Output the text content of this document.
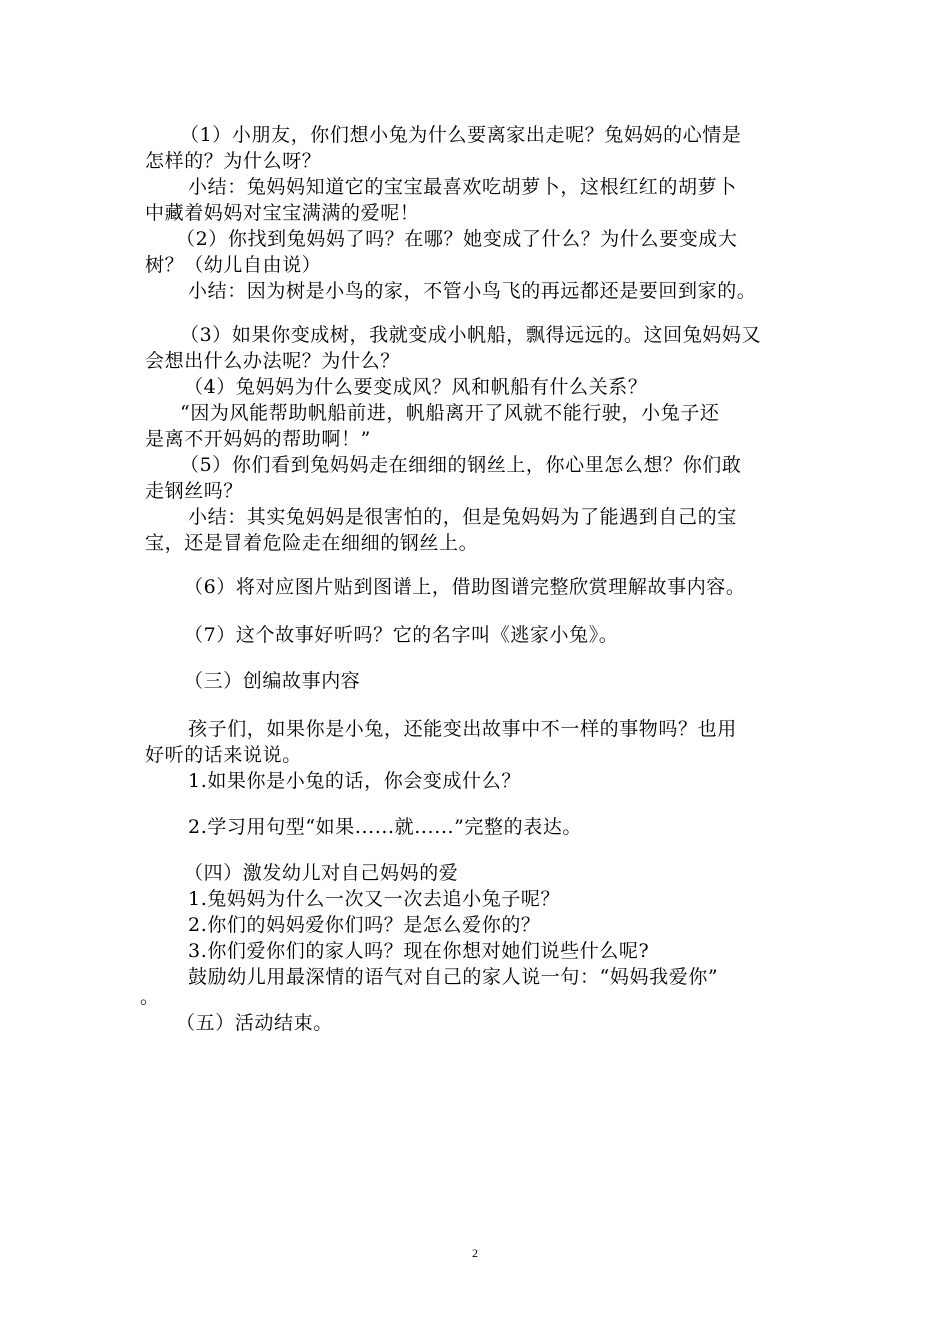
（1）小朋友，你们想小兔为什么要离家出走呢？兔妈妈的心情是
怎样的？为什么呀？
小结：兔妈妈知道它的宝宝最喜欢吃胡萝卜，这根红红的胡萝卜
中藏着妈妈对宝宝满满的爱呢！
（2）你找到兔妈妈了吗？在哪？她变成了什么？为什么要变成大
树？（幼儿自由说）
小结：因为树是小鸟的家，不管小鸟飞的再远都还是要回到家的。
（3）如果你变成树，我就变成小帆船，飘得远远的。这回兔妈妈又
会想出什么办法呢？为什么？
（4）兔妈妈为什么要变成风？风和帆船有什么关系？
“因为风能帮助帆船前进，帆船离开了风就不能行驶，小兔子还
是离不开妈妈的帮助啊！”
（5）你们看到兔妈妈走在细细的钢丝上，你心里怎么想？你们敢
走钢丝吗？
小结：其实兔妈妈是很害怕的，但是兔妈妈为了能遇到自己的宝
宝，还是冒着危险走在细细的钢丝上。
（6）将对应图片贴到图谱上，借助图谱完整欣赏理解故事内容。
（7）这个故事好听吗？它的名字叫《逃家小兔》。
（三）创编故事内容
孩子们，如果你是小兔，还能变出故事中不一样的事物吗？也用
好听的话来说说。
1.如果你是小兔的话，你会变成什么？
2.学习用句型“如果......就......”完整的表达。
（四）激发幼儿对自己妈妈的爱
1.兔妈妈为什么一次又一次去追小兔子呢？
2.你们的妈妈爱你们吗？是怎么爱你的？
3.你们爱你们的家人吗？现在你想对她们说些什么呢?
鼓励幼儿用最深情的语气对自己的家人说一句：“妈妈我爱你”
。
（五）活动结束。
2
